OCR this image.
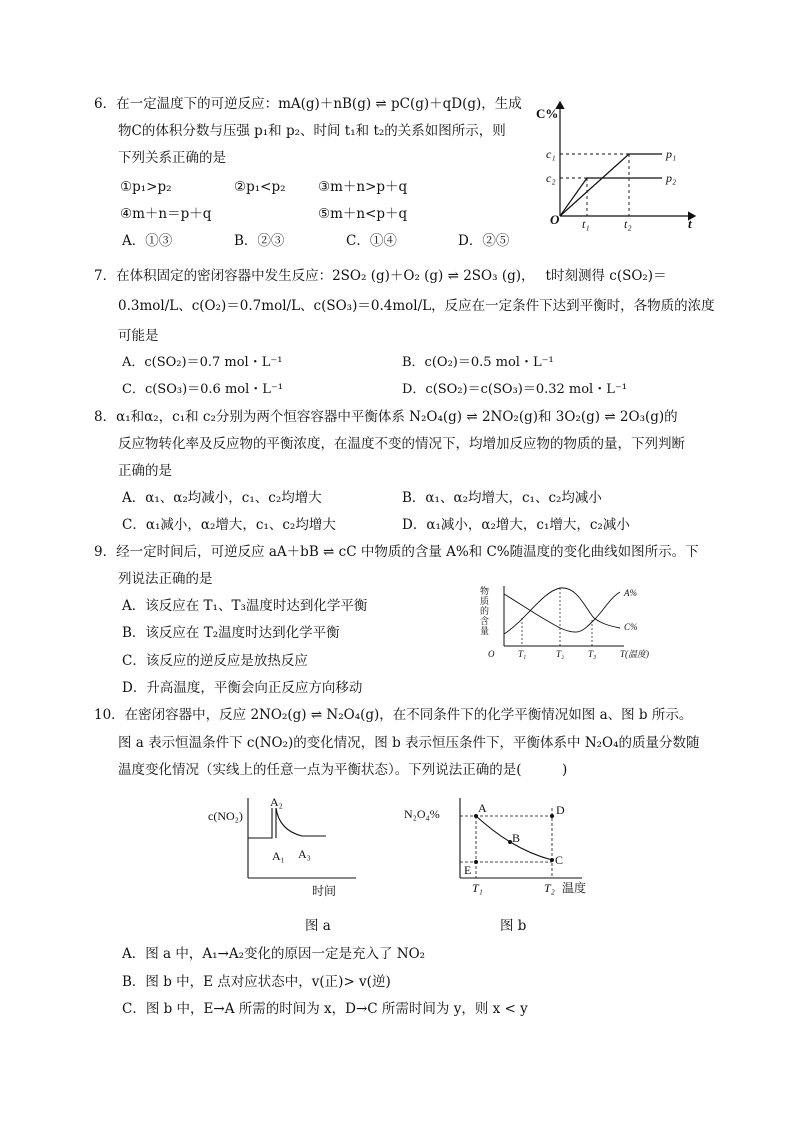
6．在一定温度下的可逆反应：mA(g)＋nB(g) ⇌ pC(g)＋qD(g)，生成
物C的体积分数与压强 p₁和 p₂、时间 t₁和 t₂的关系如图所示，则
下列关系正确的是
①p₁>p₂	②p₁<p₂ ③m＋n>p＋q
④m＋n＝p＋q	⑤m＋n<p＋q
A．①③	B．②③	C．①④	D．②⑤
C%
c₁
c₂
O t₁	t₂	t
p₁
p₂
7．在体积固定的密闭容器中发生反应：2SO₂ (g)＋O₂ (g) ⇌ 2SO₃ (g)，　 t时刻测得 c(SO₂)＝
0.3mol/L、c(O₂)＝0.7mol/L、c(SO₃)＝0.4mol/L，反应在一定条件下达到平衡时，各物质的浓度
可能是
A．c(SO₂)＝0.7 mol・L⁻¹	B．c(O₂)＝0.5 mol・L⁻¹
C．c(SO₃)＝0.6 mol・L⁻¹	D．c(SO₂)＝c(SO₃)＝0.32 mol・L⁻¹
8．α₁和α₂，c₁和 c₂分别为两个恒容容器中平衡体系 N₂O₄(g) ⇌ 2NO₂(g)和 3O₂(g) ⇌ 2O₃(g)的
反应物转化率及反应物的平衡浓度，在温度不变的情况下，均增加反应物的物质的量，下列判断
正确的是
A．α₁、α₂均减小，c₁、c₂均增大	B．α₁、α₂均增大，c₁、c₂均减小
C．α₁减小，α₂增大，c₁、c₂均增大	D．α₁减小，α₂增大，c₁增大，c₂减小
9．经一定时间后，可逆反应 aA＋bB ⇌ cC 中物质的含量 A%和 C%随温度的变化曲线如图所示。下
列说法正确的是
A．该反应在 T₁、T₃温度时达到化学平衡
B．该反应在 T₂温度时达到化学平衡
C．该反应的逆反应是放热反应
D．升高温度，平衡会向正反应方向移动
物
质
的
含
量
A%
C%
O	T₁	T₂	T₃	T(温度)
10．在密闭容器中，反应 2NO₂(g) ⇌ N₂O₄(g)，在不同条件下的化学平衡情况如图 a、图 b 所示。
图 a 表示恒温条件下 c(NO₂)的变化情况，图 b 表示恒压条件下，平衡体系中 N₂O₄的质量分数随
温度变化情况（实线上的任意一点为平衡状态）。下列说法正确的是(　　　)
c(NO₂)
A₂
A₁ A₃
时间
图 a
N₂O₄%	A
B
C
D
E
T₁	T₂ 温度
图 b
A．图 a 中，A₁→A₂变化的原因一定是充入了 NO₂
B．图 b 中，E 点对应状态中，v(正)> v(逆)
C．图 b 中，E→A 所需的时间为 x，D→C 所需时间为 y，则 x < y
